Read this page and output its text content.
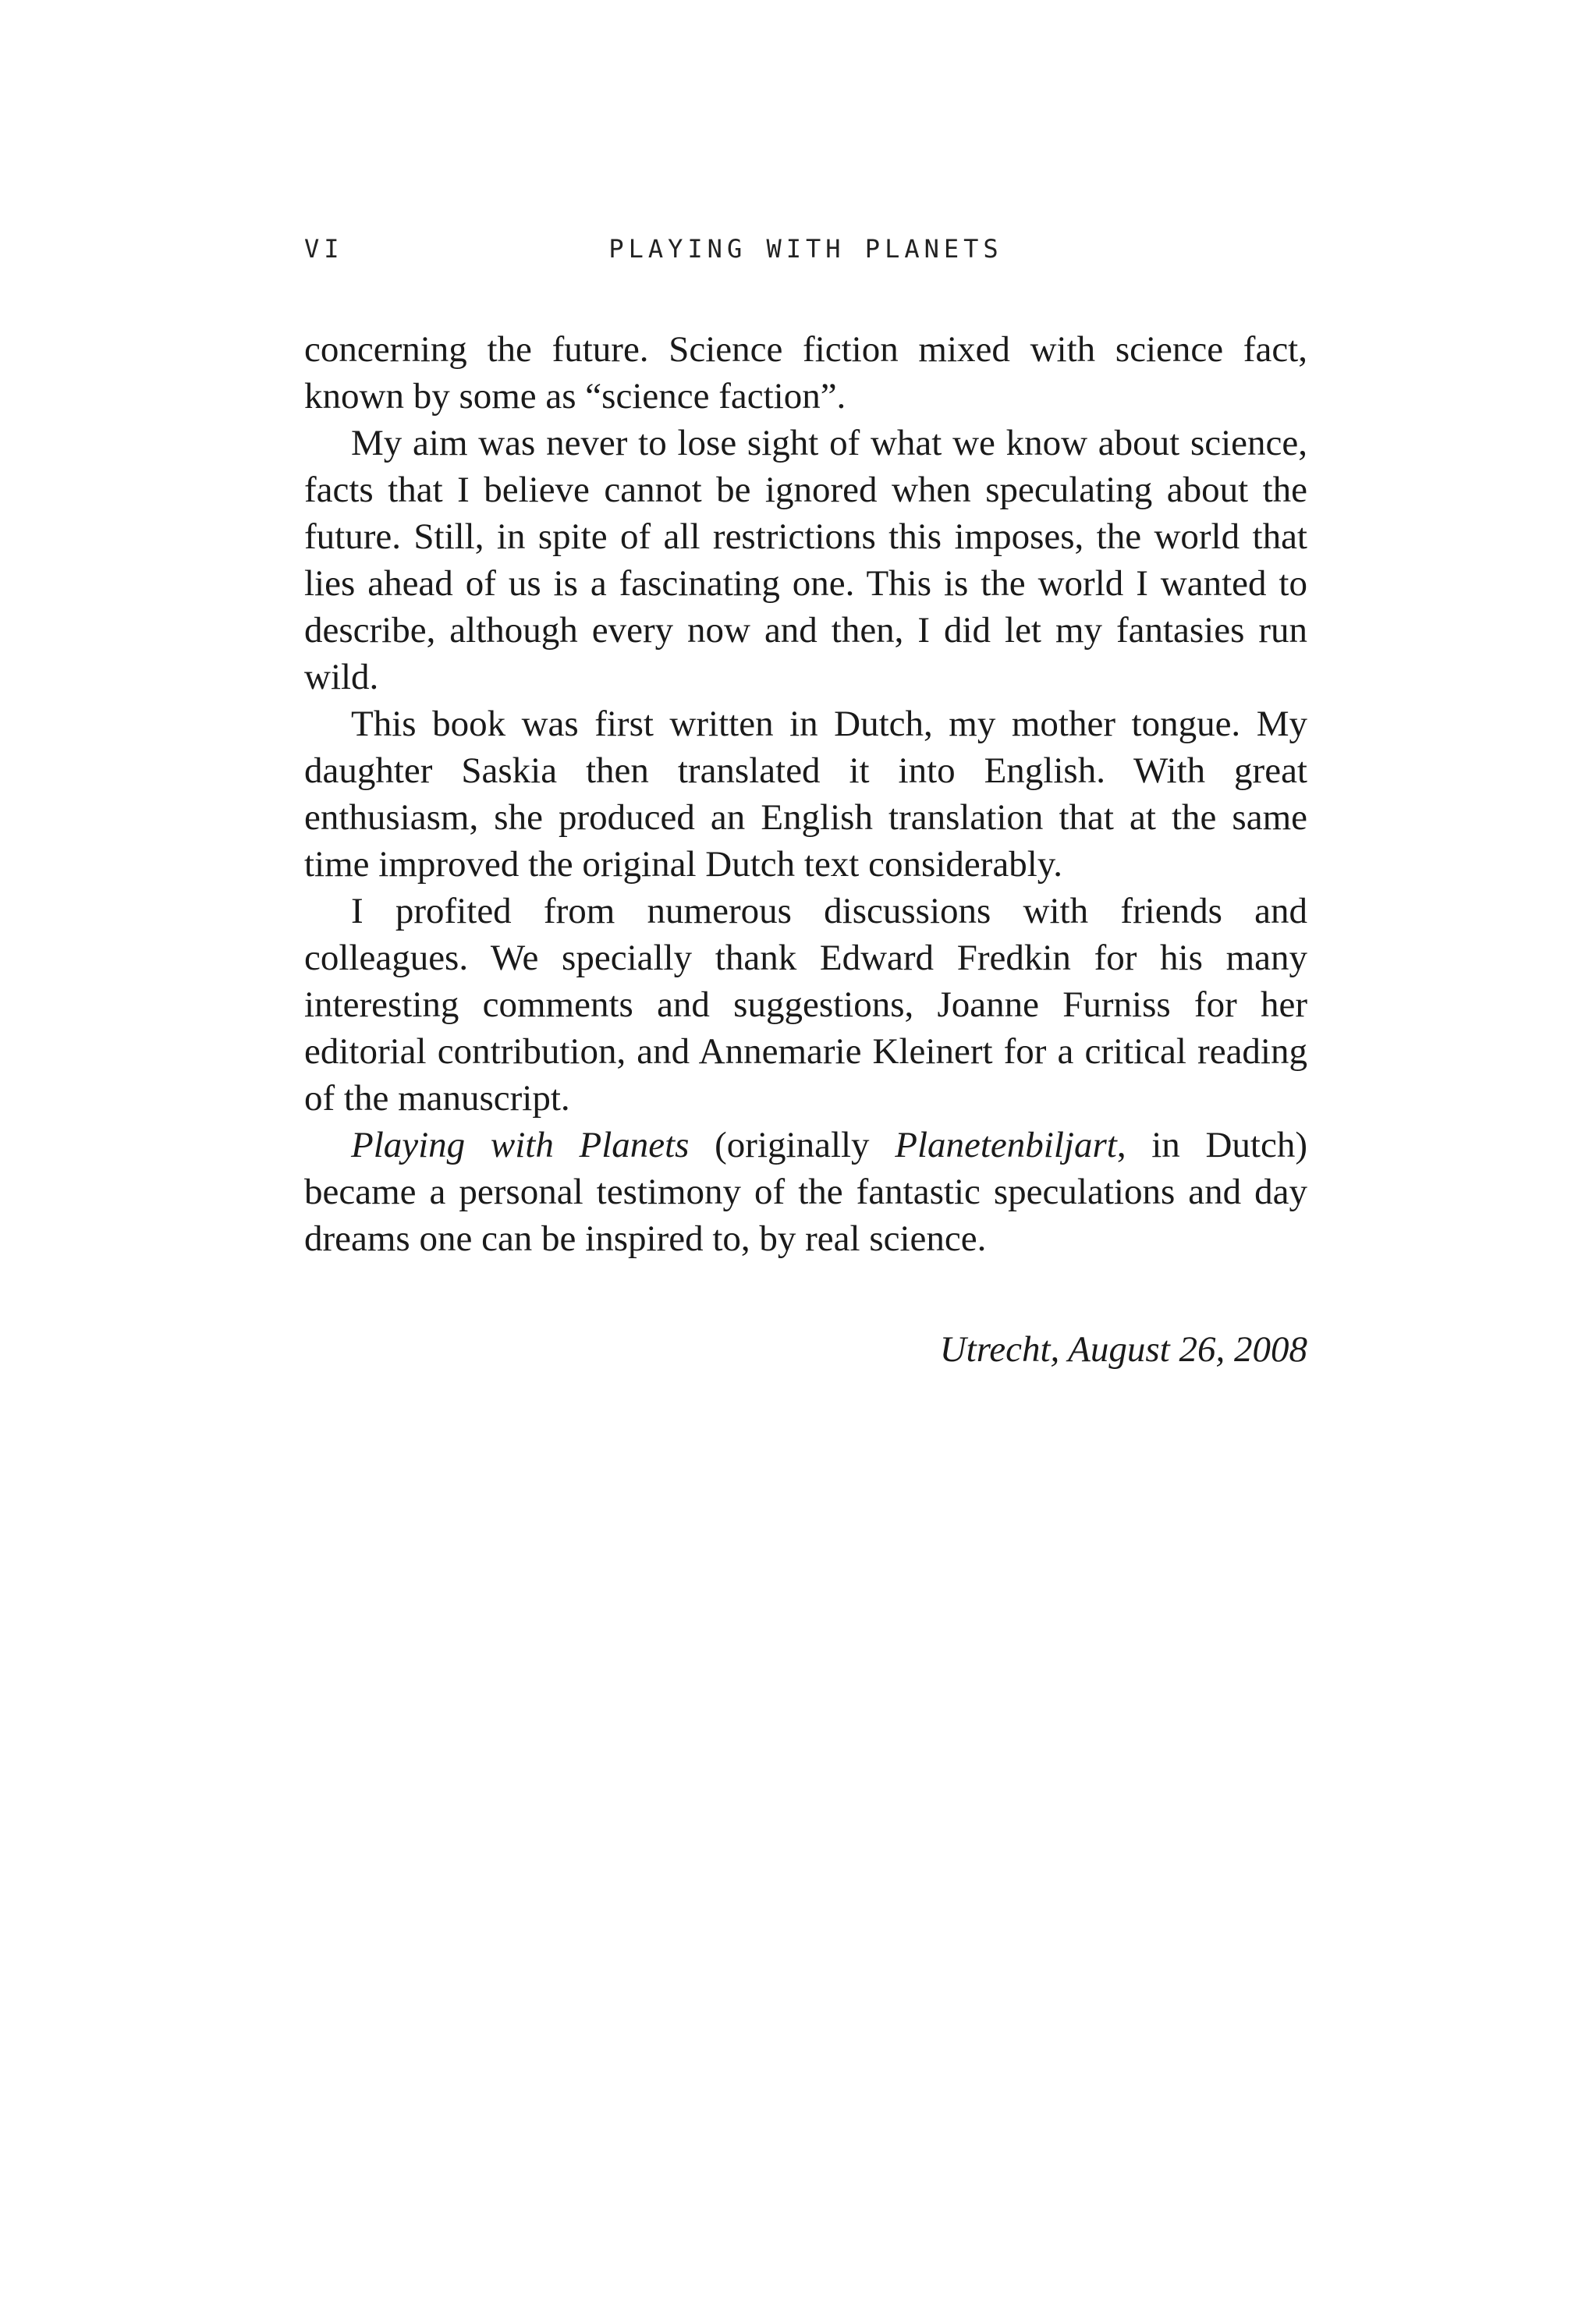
VI	PLAYING WITH PLANETS

concerning the future. Science fiction mixed with science fact, known by some as “science faction”.

My aim was never to lose sight of what we know about science, facts that I believe cannot be ignored when speculating about the future. Still, in spite of all restrictions this imposes, the world that lies ahead of us is a fascinating one. This is the world I wanted to describe, although every now and then, I did let my fantasies run wild.

This book was first written in Dutch, my mother tongue. My daughter Saskia then translated it into English. With great enthusiasm, she produced an English translation that at the same time improved the original Dutch text considerably.

I profited from numerous discussions with friends and colleagues. We specially thank Edward Fredkin for his many interesting comments and suggestions, Joanne Furniss for her editorial contribution, and Annemarie Kleinert for a critical reading of the manuscript.

Playing with Planets (originally Planetenbiljart, in Dutch) became a personal testimony of the fantastic speculations and day dreams one can be inspired to, by real science.

Utrecht, August 26, 2008
